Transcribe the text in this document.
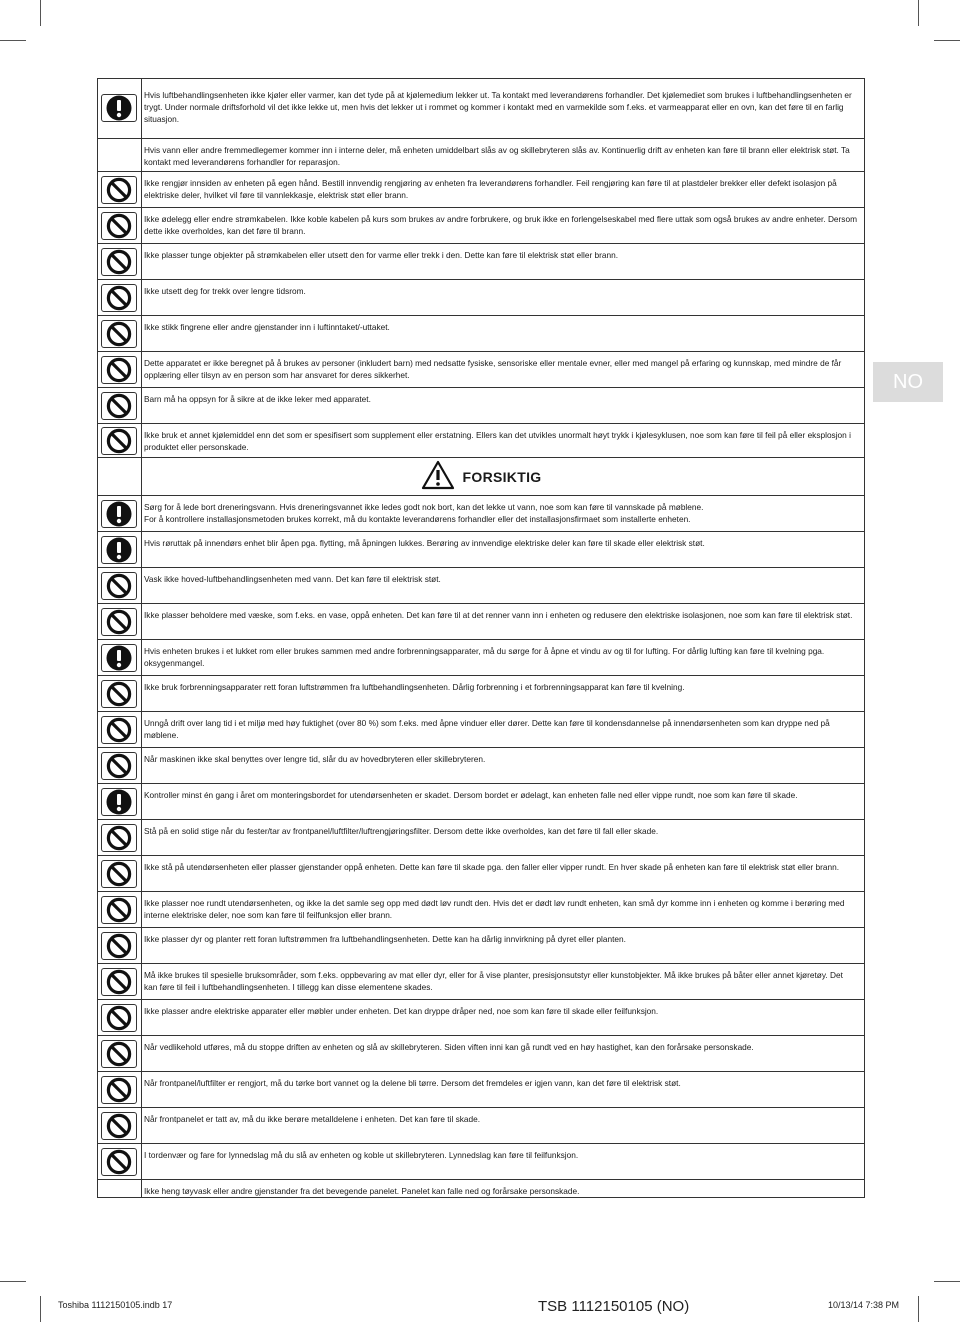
Hvis luftbehandlingsenheten ikke kjøler eller varmer, kan det tyde på at kjølemedium lekker ut. Ta kontakt med leverandørens forhandler. Det kjølemediet som brukes i luftbehandlingsenheten er trygt. Under normale driftsforhold vil det ikke lekke ut, men hvis det lekker ut i rommet og kommer i kontakt med en varmekilde som f.eks. et varmeapparat eller en ovn, kan det føre til en farlig situasjon.
Hvis vann eller andre fremmedlegemer kommer inn i interne deler, må enheten umiddelbart slås av og skillebryteren slås av. Kontinuerlig drift av enheten kan føre til brann eller elektrisk støt. Ta kontakt med leverandørens forhandler for reparasjon.
Ikke rengjør innsiden av enheten på egen hånd. Bestill innvendig rengjøring av enheten fra leverandørens forhandler. Feil rengjøring kan føre til at plastdeler brekker eller defekt isolasjon på elektriske deler, hvilket vil føre til vannlekkasje, elektrisk støt eller brann.
Ikke ødelegg eller endre strømkabelen. Ikke koble kabelen på kurs som brukes av andre forbrukere, og bruk ikke en forlengelseskabel med flere uttak som også brukes av andre enheter. Dersom dette ikke overholdes, kan det føre til brann.
Ikke plasser tunge objekter på strømkabelen eller utsett den for varme eller trekk i den. Dette kan føre til elektrisk støt eller brann.
Ikke utsett deg for trekk over lengre tidsrom.
Ikke stikk fingrene eller andre gjenstander inn i luftinntaket/-uttaket.
Dette apparatet er ikke beregnet på å brukes av personer (inkludert barn) med nedsatte fysiske, sensoriske eller mentale evner, eller med mangel på erfaring og kunnskap, med mindre de får opplæring eller tilsyn av en person som har ansvaret for deres sikkerhet.
Barn må ha oppsyn for å sikre at de ikke leker med apparatet.
Ikke bruk et annet kjølemiddel enn det som er spesifisert som supplement eller erstatning. Ellers kan det utvikles unormalt høyt trykk i kjølesyklusen, noe som kan føre til feil på eller eksplosjon i produktet eller personskade.
FORSIKTIG
Sørg for å lede bort dreneringsvann. Hvis dreneringsvannet ikke ledes godt nok bort, kan det lekke ut vann, noe som kan føre til vannskade på møblene.
For å kontrollere installasjonsmetoden brukes korrekt, må du kontakte leverandørens forhandler eller det installasjonsfirmaet som installerte enheten.
Hvis røruttak på innendørs enhet blir åpen pga. flytting, må åpningen lukkes. Berøring av innvendige elektriske deler kan føre til skade eller elektrisk støt.
Vask ikke hoved-luftbehandlingsenheten med vann. Det kan føre til elektrisk støt.
Ikke plasser beholdere med væske, som f.eks. en vase, oppå enheten. Det kan føre til at det renner vann inn i enheten og redusere den elektriske isolasjonen, noe som kan føre til elektrisk støt.
Hvis enheten brukes i et lukket rom eller brukes sammen med andre forbrenningsapparater, må du sørge for å åpne et vindu av og til for lufting. For dårlig lufting kan føre til kvelning pga. oksygenmangel.
Ikke bruk forbrenningsapparater rett foran luftstrømmen fra luftbehandlingsenheten. Dårlig forbrenning i et forbrenningsapparat kan føre til kvelning.
Unngå drift over lang tid i et miljø med høy fuktighet (over 80 %) som f.eks. med åpne vinduer eller dører. Dette kan føre til kondensdannelse på innendørsenheten som kan dryppe ned på møblene.
Når maskinen ikke skal benyttes over lengre tid, slår du av hovedbryteren eller skillebryteren.
Kontroller minst én gang i året om monteringsbordet for utendørsenheten er skadet. Dersom bordet er ødelagt, kan enheten falle ned eller vippe rundt, noe som kan føre til skade.
Stå på en solid stige når du fester/tar av frontpanel/luftfilter/luftrengjøringsfilter. Dersom dette ikke overholdes, kan det føre til fall eller skade.
Ikke stå på utendørsenheten eller plasser gjenstander oppå enheten. Dette kan føre til skade pga. den faller eller vipper rundt. En hver skade på enheten kan føre til elektrisk støt eller brann.
Ikke plasser noe rundt utendørsenheten, og ikke la det samle seg opp med dødt løv rundt den. Hvis det er dødt løv rundt enheten, kan små dyr komme inn i enheten og komme i berøring med interne elektriske deler, noe som kan føre til feilfunksjon eller brann.
Ikke plasser dyr og planter rett foran luftstrømmen fra luftbehandlingsenheten. Dette kan ha dårlig innvirkning på dyret eller planten.
Må ikke brukes til spesielle bruksområder, som f.eks. oppbevaring av mat eller dyr, eller for å vise planter, presisjonsutstyr eller kunstobjekter. Må ikke brukes på båter eller annet kjøretøy. Det kan føre til feil i luftbehandlingsenheten. I tillegg kan disse elementene skades.
Ikke plasser andre elektriske apparater eller møbler under enheten. Det kan dryppe dråper ned, noe som kan føre til skade eller feilfunksjon.
Når vedlikehold utføres, må du stoppe driften av enheten og slå av skillebryteren. Siden viften inni kan gå rundt ved en høy hastighet, kan den forårsake personskade.
Når frontpanel/luftfilter er rengjort, må du tørke bort vannet og la delene bli tørre. Dersom det fremdeles er igjen vann, kan det føre til elektrisk støt.
Når frontpanelet er tatt av, må du ikke berøre metalldelene i enheten. Det kan føre til skade.
I tordenvær og fare for lynnedslag må du slå av enheten og koble ut skillebryteren. Lynnedslag kan føre til feilfunksjon.
Ikke heng tøyvask eller andre gjenstander fra det bevegende panelet. Panelet kan falle ned og forårsake personskade.
NO
Toshiba 1112150105.indb 17	TSB 1112150105 (NO)	10/13/14 7:38 PM
